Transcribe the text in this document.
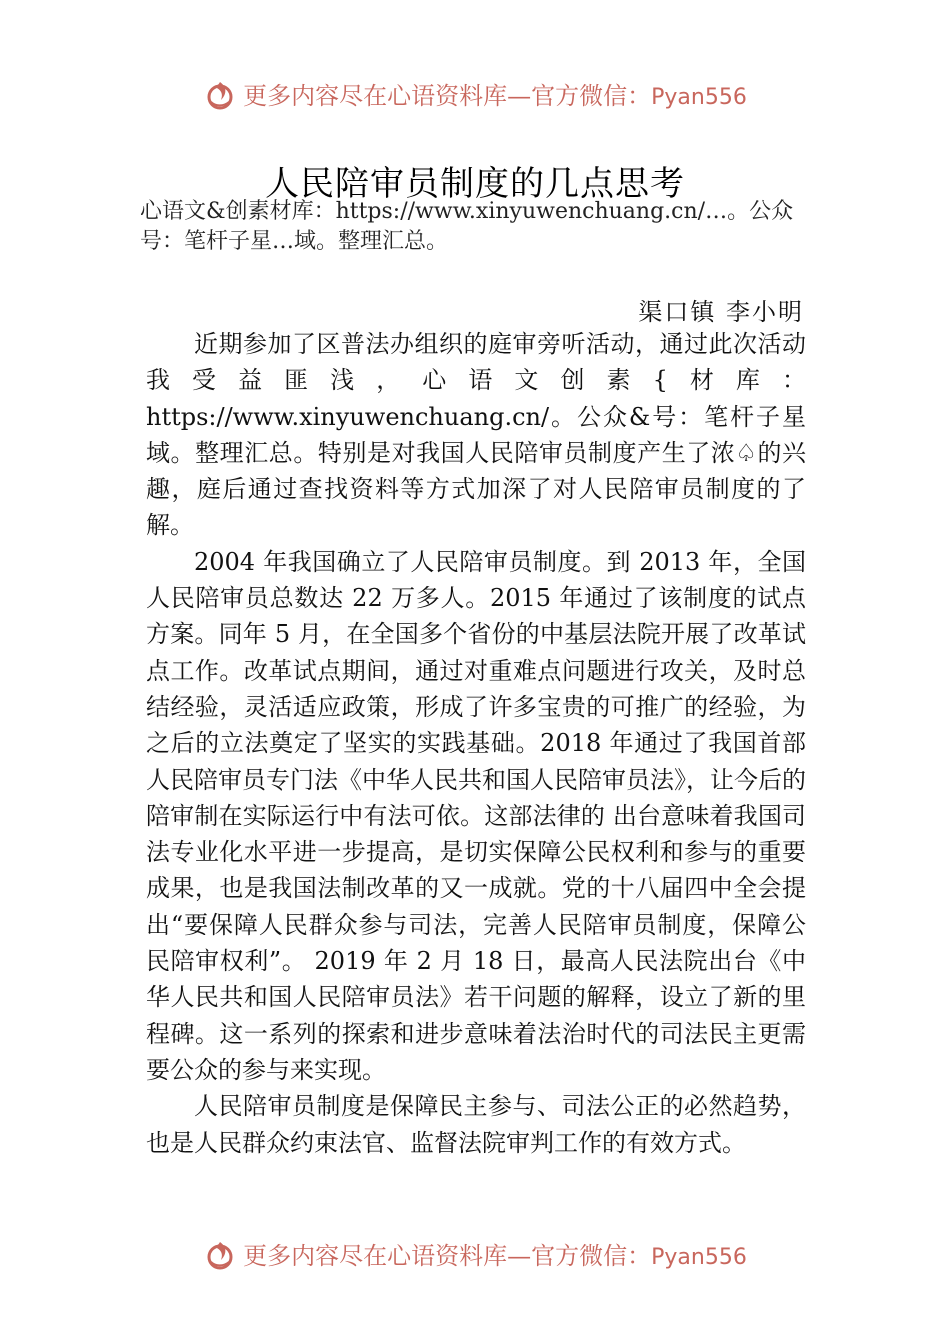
更多内容尽在心语资料库—官方微信：Pyan556
人民陪审员制度的几点思考
心语文&创素材库：https://www.xinyuwenchuang.cn/…。公众号：笔杆子星…域。整理汇总。
渠口镇 李小明

近期参加了区普法办组织的庭审旁听活动，通过此次活动我受益匪浅，心语文创素{材库：https://www.xinyuwenchuang.cn/。公众&号：笔杆子星域。整理汇总。特别是对我国人民陪审员制度产生了浓♤的兴趣，庭后通过查找资料等方式加深了对人民陪审员制度的了解。

2004 年我国确立了人民陪审员制度。到 2013 年，全国人民陪审员总数达 22 万多人。2015 年通过了该制度的试点方案。同年 5 月，在全国多个省份的中基层法院开展了改革试点工作。改革试点期间，通过对重难点问题进行攻关，及时总结经验，灵活适应政策，形成了许多宝贵的可推广的经验，为之后的立法奠定了坚实的实践基础。2018 年通过了我国首部人民陪审员专门法《中华人民共和国人民陪审员法》，让今后的陪审制在实际运行中有法可依。这部法律的 出台意味着我国司法专业化水平进一步提高，是切实保障公民权利和参与的重要成果，也是我国法制改革的又一成就。党的十八届四中全会提出“要保障人民群众参与司法，完善人民陪审员制度，保障公民陪审权利”。 2019 年 2 月 18 日，最高人民法院出台《中华人民共和国人民陪审员法》若干问题的解释，设立了新的里程碑。这一系列的探索和进步意味着法治时代的司法民主更需要公众的参与来实现。

人民陪审员制度是保障民主参与、司法公正的必然趋势，也是人民群众约束法官、监督法院审判工作的有效方式。

更多内容尽在心语资料库—官方微信：Pyan556
